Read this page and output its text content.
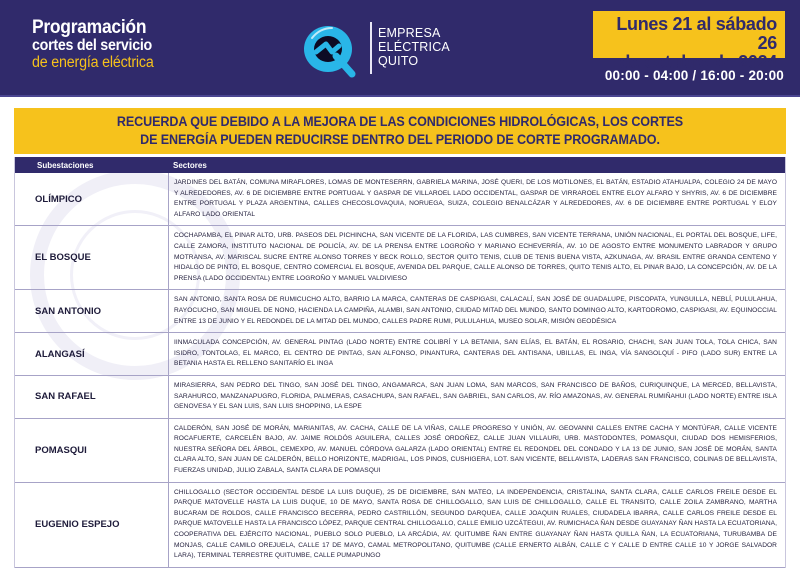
Programación
cortes del servicio
de energía eléctrica
EMPRESA
ELÉCTRICA
QUITO
Lunes 21 al sábado 26
de octubre de 2024
00:00 - 04:00 / 16:00 - 20:00
RECUERDA QUE DEBIDO A LA MEJORA DE LAS CONDICIONES HIDROLÓGICAS, LOS CORTES
DE ENERGÍA PUEDEN REDUCIRSE DENTRO DEL PERIODO DE CORTE PROGRAMADO.
Subestaciones	Sectores
OLÍMPICO
JARDINES DEL BATÁN, COMUNA MIRAFLORES, LOMAS DE MONTESERRN, GABRIELA MARINA, JOSÉ QUERI, DE LOS MOTILONES, EL BATÁN, ESTADIO ATAHUALPA, COLEGIO 24 DE MAYO Y ALREDEDORES, AV. 6 DE DICIEMBRE ENTRE PORTUGAL Y GASPAR DE VILLAROEL LADO OCCIDENTAL, GASPAR DE VIRRAROEL ENTRE ELOY ALFARO Y SHYRIS, AV. 6 DE DICIEMBRE ENTRE PORTUGAL Y PLAZA ARGENTINA, CALLES CHECOSLOVAQUIA, NORUEGA, SUIZA, COLEGIO BENALCÁZAR Y ALREDEDORES, AV. 6 DE DICIEMBRE ENTRE PORTUGAL Y ELOY ALFARO LADO ORIENTAL
EL BOSQUE
COCHAPAMBA, EL PINAR ALTO, URB. PASEOS DEL PICHINCHA, SAN VICENTE DE LA FLORIDA, LAS CUMBRES, SAN VICENTE TERRANA, UNIÓN NACIONAL, EL PORTAL DEL BOSQUE, LIFE, CALLE ZAMORA, INSTITUTO NACIONAL DE POLICÍA, AV. DE LA PRENSA ENTRE LOGROÑO Y MARIANO ECHEVERRÍA, AV. 10 DE AGOSTO ENTRE MONUMENTO LABRADOR Y GRUPO MOTRANSA, AV. MARISCAL SUCRE ENTRE ALONSO TORRES Y BECK ROLLO, SECTOR QUITO TENIS, CLUB DE TENIS BUENA VISTA, AZKUNAGA, AV. BRASIL ENTRE GRANDA CENTENO Y HIDALGO DE PINTO, EL BOSQUE, CENTRO COMERCIAL EL BOSQUE, AVENIDA DEL PARQUE, CALLE ALONSO DE TORRES, QUITO TENIS ALTO, EL PINAR BAJO, LA CONCEPCIÓN, AV. DE LA PRENSA (LADO OCCIDENTAL) ENTRE LOGROÑO Y MANUEL VALDIVIESO
SAN ANTONIO
SAN ANTONIO, SANTA ROSA DE RUMICUCHO ALTO, BARRIO LA MARCA, CANTERAS DE CASPIGASI, CALACALÍ, SAN JOSÉ DE GUADALUPE, PISCOPATA, YUNGUILLA, NEBLÍ, PULULAHUA, RAYOCUCHO, SAN MIGUEL DE NONO, HACIENDA LA CAMPIÑA, ALAMBI, SAN ANTONIO, CIUDAD MITAD DEL MUNDO, SANTO DOMINGO ALTO, KARTODROMO, CASPIGASI, AV. EQUINOCCIAL ENTRE 13 DE JUNIO Y EL REDONDEL DE LA MITAD DEL MUNDO, CALLES PADRE RUMI, PULULAHUA, MUSEO SOLAR, MISIÓN GEODÉSICA
ALANGASÍ
IINMACULADA CONCEPCIÓN, AV. GENERAL PINTAG (LADO NORTE) ENTRE COLIBRÍ Y LA BETANIA, SAN ELÍAS, EL BATÁN, EL ROSARIO, CHACHI, SAN JUAN TOLA, TOLA CHICA, SAN ISIDRO, TONTOLAG, EL MARCO, EL CENTRO DE PINTAG, SAN ALFONSO, PINANTURA, CANTERAS DEL ANTISANA, UBILLAS, EL INGA, VÍA SANGOLQUÍ - PIFO (LADO SUR) ENTRE LA BETANIA HASTA EL RELLENO SANITARÍO EL INGA
SAN RAFAEL
MIRASIERRA, SAN PEDRO DEL TINGO, SAN JOSÉ DEL TINGO, ANGAMARCA, SAN JUAN LOMA, SAN MARCOS, SAN FRANCISCO DE BAÑOS, CURIQUINQUE, LA MERCED, BELLAVISTA, SARAHURCO, MANZANAPUGRO, FLORIDA, PALMERAS, CASACHUPA, SAN RAFAEL, SAN GABRIEL, SAN CARLOS, AV. RÍO AMAZONAS, AV. GENERAL RUMIÑAHUI (LADO NORTE) ENTRE ISLA GENOVESA Y EL SAN LUIS, SAN LUIS SHOPPING, LA ESPE
POMASQUI
CALDERÓN, SAN JOSÉ DE MORÁN, MARIANITAS, AV. CACHA, CALLE DE LA VIÑAS, CALLE PROGRESO Y UNIÓN, AV. GEOVANNI CALLES ENTRE CACHA Y MONTÚFAR, CALLE VICENTE ROCAFUERTE, CARCELÉN BAJO, AV. JAIME ROLDÓS AGUILERA, CALLES JOSÉ ORDOÑEZ, CALLE JUAN VILLAURI, URB. MASTODONTES, POMASQUI, CIUDAD DOS HEMISFERIOS, NUESTRA SEÑORA DEL ÁRBOL, CEMEXPO, AV. MANUEL CÓRDOVA GALARZA (LADO ORIENTAL) ENTRE EL REDONDEL DEL CONDADO Y LA 13 DE JUNIO, SAN JOSÉ DE MORÁN, SANTA CLARA ALTO, SAN JUAN DE CALDERÓN, BELLO HORIZONTE, MADRIGAL, LOS PINOS, CUSHIGERA, LOT. SAN VICENTE, BELLAVISTA, LADERAS SAN FRANCISCO, COLINAS DE BELLAVISTA, FUERZAS UNIDAD, JULIO ZABALA, SANTA CLARA DE POMASQUI
EUGENIO ESPEJO
CHILLOGALLO (SECTOR OCCIDENTAL DESDE LA LUIS DUQUE), 25 DE DICIEMBRE, SAN MATEO, LA INDEPENDENCIA, CRISTALINA, SANTA CLARA, CALLE CARLOS FREILE DESDE EL PARQUE MATOVELLE HASTA LA LUIS DUQUE, 10 DE MAYO, SANTA ROSA DE CHILLOGALLO, SAN LUIS DE CHILLOGALLO, CALLE EL TRANSITO, CALLE ZOILA ZAMBRANO, MARTHA BUCARAM DE ROLDOS, CALLE FRANCISCO BECERRA, PEDRO CASTRILLÓN, SEGUNDO DARQUEA, CALLE JOAQUIN RUALES, CIUDADELA IBARRA, CALLE CARLOS FREILE DESDE EL PARQUE MATOVELLE HASTA LA FRANCISCO LÓPEZ, PARQUE CENTRAL CHILLOGALLO, CALLE EMILIO UZCÁTEGUI, AV. RUMICHACA ÑAN DESDE GUAYANAY ÑAN HASTA LA ECUATORIANA, COOPERATIVA DEL EJÉRCITO NACIONAL, PUEBLO SOLO PUEBLO, LA ARCÁDIA, AV. QUITUMBE ÑAN ENTRE GUAYANAY ÑAN HASTA QUILLA ÑAN, LA ECUATORIANA, TURUBAMBA DE MONJAS, CALLE CAMILO OREJUELA, CALLE 17 DE MAYO, CAMAL METROPOLITANO, QUITUMBE (CALLE ERNERTO ALBÁN, CALLE C Y CALLE D ENTRE CALLE 10 Y JORGE SALVADOR LARA), TERMINAL TERRESTRE QUITUMBE, CALLE PUMAPUNGO
